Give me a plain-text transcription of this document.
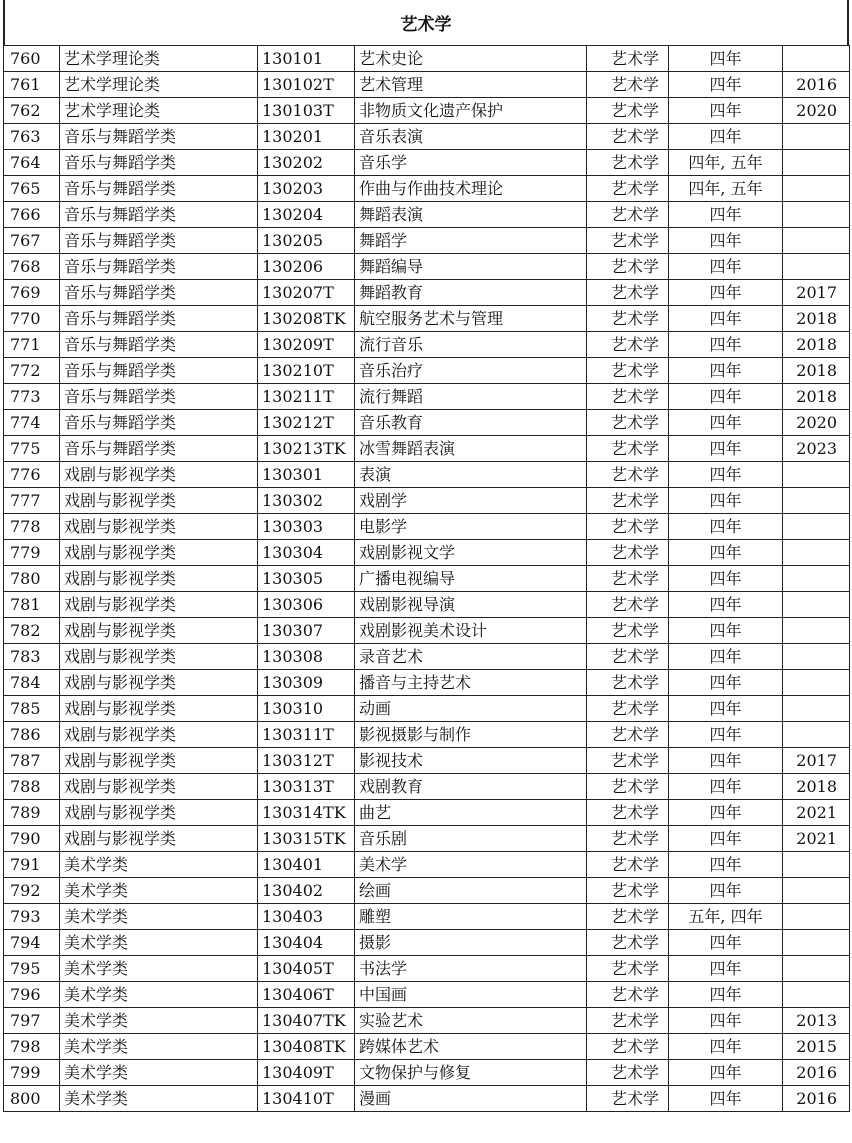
艺术学
760	艺术学理论类	130101	艺术史论	艺术学	四年	
761	艺术学理论类	130102T	艺术管理	艺术学	四年	2016
762	艺术学理论类	130103T	非物质文化遗产保护	艺术学	四年	2020
763	音乐与舞蹈学类	130201	音乐表演	艺术学	四年	
764	音乐与舞蹈学类	130202	音乐学	艺术学	四年, 五年	
765	音乐与舞蹈学类	130203	作曲与作曲技术理论	艺术学	四年, 五年	
766	音乐与舞蹈学类	130204	舞蹈表演	艺术学	四年	
767	音乐与舞蹈学类	130205	舞蹈学	艺术学	四年	
768	音乐与舞蹈学类	130206	舞蹈编导	艺术学	四年	
769	音乐与舞蹈学类	130207T	舞蹈教育	艺术学	四年	2017
770	音乐与舞蹈学类	130208TK	航空服务艺术与管理	艺术学	四年	2018
771	音乐与舞蹈学类	130209T	流行音乐	艺术学	四年	2018
772	音乐与舞蹈学类	130210T	音乐治疗	艺术学	四年	2018
773	音乐与舞蹈学类	130211T	流行舞蹈	艺术学	四年	2018
774	音乐与舞蹈学类	130212T	音乐教育	艺术学	四年	2020
775	音乐与舞蹈学类	130213TK	冰雪舞蹈表演	艺术学	四年	2023
776	戏剧与影视学类	130301	表演	艺术学	四年	
777	戏剧与影视学类	130302	戏剧学	艺术学	四年	
778	戏剧与影视学类	130303	电影学	艺术学	四年	
779	戏剧与影视学类	130304	戏剧影视文学	艺术学	四年	
780	戏剧与影视学类	130305	广播电视编导	艺术学	四年	
781	戏剧与影视学类	130306	戏剧影视导演	艺术学	四年	
782	戏剧与影视学类	130307	戏剧影视美术设计	艺术学	四年	
783	戏剧与影视学类	130308	录音艺术	艺术学	四年	
784	戏剧与影视学类	130309	播音与主持艺术	艺术学	四年	
785	戏剧与影视学类	130310	动画	艺术学	四年	
786	戏剧与影视学类	130311T	影视摄影与制作	艺术学	四年	
787	戏剧与影视学类	130312T	影视技术	艺术学	四年	2017
788	戏剧与影视学类	130313T	戏剧教育	艺术学	四年	2018
789	戏剧与影视学类	130314TK	曲艺	艺术学	四年	2021
790	戏剧与影视学类	130315TK	音乐剧	艺术学	四年	2021
791	美术学类	130401	美术学	艺术学	四年	
792	美术学类	130402	绘画	艺术学	四年	
793	美术学类	130403	雕塑	艺术学	五年, 四年	
794	美术学类	130404	摄影	艺术学	四年	
795	美术学类	130405T	书法学	艺术学	四年	
796	美术学类	130406T	中国画	艺术学	四年	
797	美术学类	130407TK	实验艺术	艺术学	四年	2013
798	美术学类	130408TK	跨媒体艺术	艺术学	四年	2015
799	美术学类	130409T	文物保护与修复	艺术学	四年	2016
800	美术学类	130410T	漫画	艺术学	四年	2016
